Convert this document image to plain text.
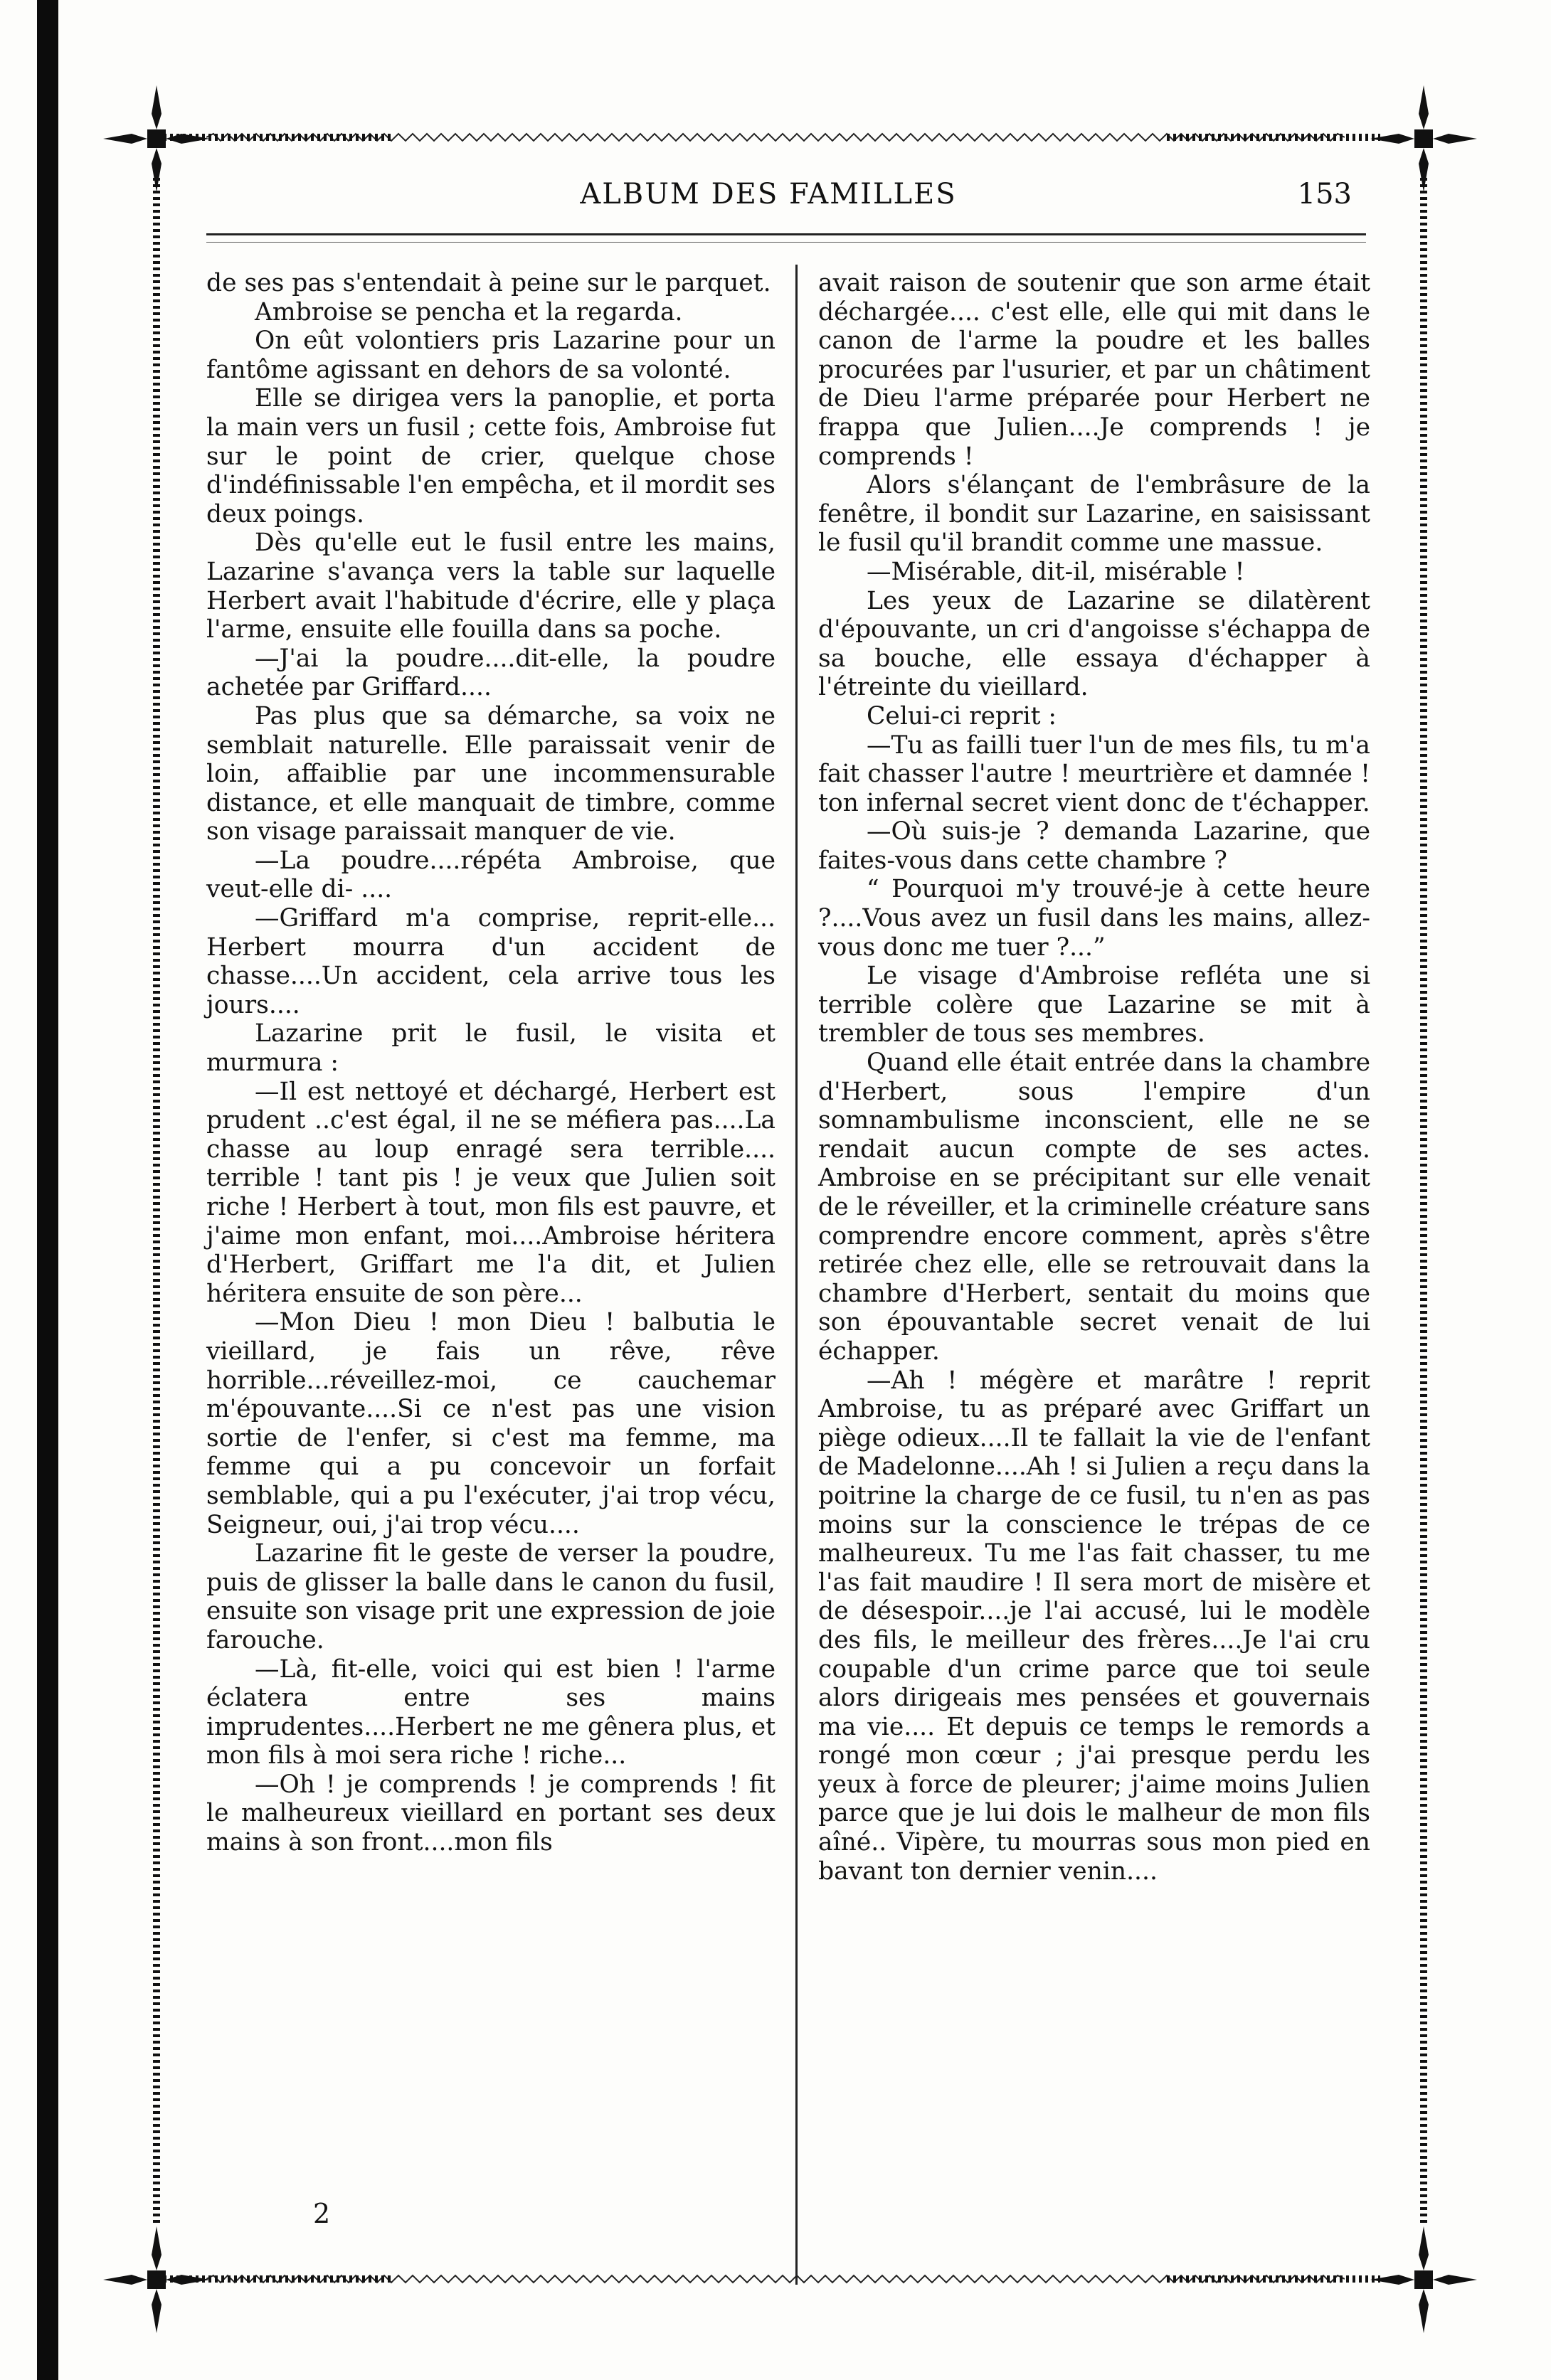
ALBUM DES FAMILLES	153

de ses pas s'entendait à peine sur le parquet.

Ambroise se pencha et la regarda.

On eût volontiers pris Lazarine pour un fantôme agissant en dehors de sa volonté.

Elle se dirigea vers la panoplie, et porta la main vers un fusil ; cette fois, Ambroise fut sur le point de crier, quelque chose d'indéfinissable l'en empêcha, et il mordit ses deux poings.

Dès qu'elle eut le fusil entre les mains, Lazarine s'avança vers la table sur laquelle Herbert avait l'habitude d'écrire, elle y plaça l'arme, ensuite elle fouilla dans sa poche.

—J'ai la poudre....dit-elle, la poudre achetée par Griffard....

Pas plus que sa démarche, sa voix ne semblait naturelle. Elle paraissait venir de loin, affaiblie par une incommensurable distance, et elle manquait de timbre, comme son visage paraissait manquer de vie.

—La poudre....répéta Ambroise, que veut-elle di- ....

—Griffard m'a comprise, reprit-elle... Herbert mourra d'un accident de chasse....Un accident, cela arrive tous les jours....

Lazarine prit le fusil, le visita et murmura :

—Il est nettoyé et déchargé, Herbert est prudent ..c'est égal, il ne se méfiera pas....La chasse au loup enragé sera terrible.... terrible ! tant pis ! je veux que Julien soit riche ! Herbert à tout, mon fils est pauvre, et j'aime mon enfant, moi....Ambroise héritera d'Herbert, Griffart me l'a dit, et Julien héritera ensuite de son père...

—Mon Dieu ! mon Dieu ! balbutia le vieillard, je fais un rêve, rêve horrible...réveillez-moi, ce cauchemar m'épouvante....Si ce n'est pas une vision sortie de l'enfer, si c'est ma femme, ma femme qui a pu concevoir un forfait semblable, qui a pu l'exécuter, j'ai trop vécu, Seigneur, oui, j'ai trop vécu....

Lazarine fit le geste de verser la poudre, puis de glisser la balle dans le canon du fusil, ensuite son visage prit une expression de joie farouche.

—Là, fit-elle, voici qui est bien ! l'arme éclatera entre ses mains imprudentes....Herbert ne me gênera plus, et mon fils à moi sera riche ! riche...

—Oh ! je comprends ! je comprends ! fit le malheureux vieillard en portant ses deux mains à son front....mon fils

avait raison de soutenir que son arme était déchargée.... c'est elle, elle qui mit dans le canon de l'arme la poudre et les balles procurées par l'usurier, et par un châtiment de Dieu l'arme préparée pour Herbert ne frappa que Julien....Je comprends ! je comprends !

Alors s'élançant de l'embrâsure de la fenêtre, il bondit sur Lazarine, en saisissant le fusil qu'il brandit comme une massue.

—Misérable, dit-il, misérable !

Les yeux de Lazarine se dilatèrent d'épouvante, un cri d'angoisse s'échappa de sa bouche, elle essaya d'échapper à l'étreinte du vieillard.

Celui-ci reprit :

—Tu as failli tuer l'un de mes fils, tu m'a fait chasser l'autre ! meurtrière et damnée ! ton infernal secret vient donc de t'échapper.

—Où suis-je ? demanda Lazarine, que faites-vous dans cette chambre ?

“ Pourquoi m'y trouvé-je à cette heure ?....Vous avez un fusil dans les mains, allez-vous donc me tuer ?...”

Le visage d'Ambroise refléta une si terrible colère que Lazarine se mit à trembler de tous ses membres.

Quand elle était entrée dans la chambre d'Herbert, sous l'empire d'un somnambulisme inconscient, elle ne se rendait aucun compte de ses actes. Ambroise en se précipitant sur elle venait de le réveiller, et la criminelle créature sans comprendre encore comment, après s'être retirée chez elle, elle se retrouvait dans la chambre d'Herbert, sentait du moins que son épouvantable secret venait de lui échapper.

—Ah ! mégère et marâtre ! reprit Ambroise, tu as préparé avec Griffart un piège odieux....Il te fallait la vie de l'enfant de Madelonne....Ah ! si Julien a reçu dans la poitrine la charge de ce fusil, tu n'en as pas moins sur la conscience le trépas de ce malheureux. Tu me l'as fait chasser, tu me l'as fait maudire ! Il sera mort de misère et de désespoir....je l'ai accusé, lui le modèle des fils, le meilleur des frères....Je l'ai cru coupable d'un crime parce que toi seule alors dirigeais mes pensées et gouvernais ma vie.... Et depuis ce temps le remords a rongé mon cœur ; j'ai presque perdu les yeux à force de pleurer; j'aime moins Julien parce que je lui dois le malheur de mon fils aîné.. Vipère, tu mourras sous mon pied en bavant ton dernier venin....

2
